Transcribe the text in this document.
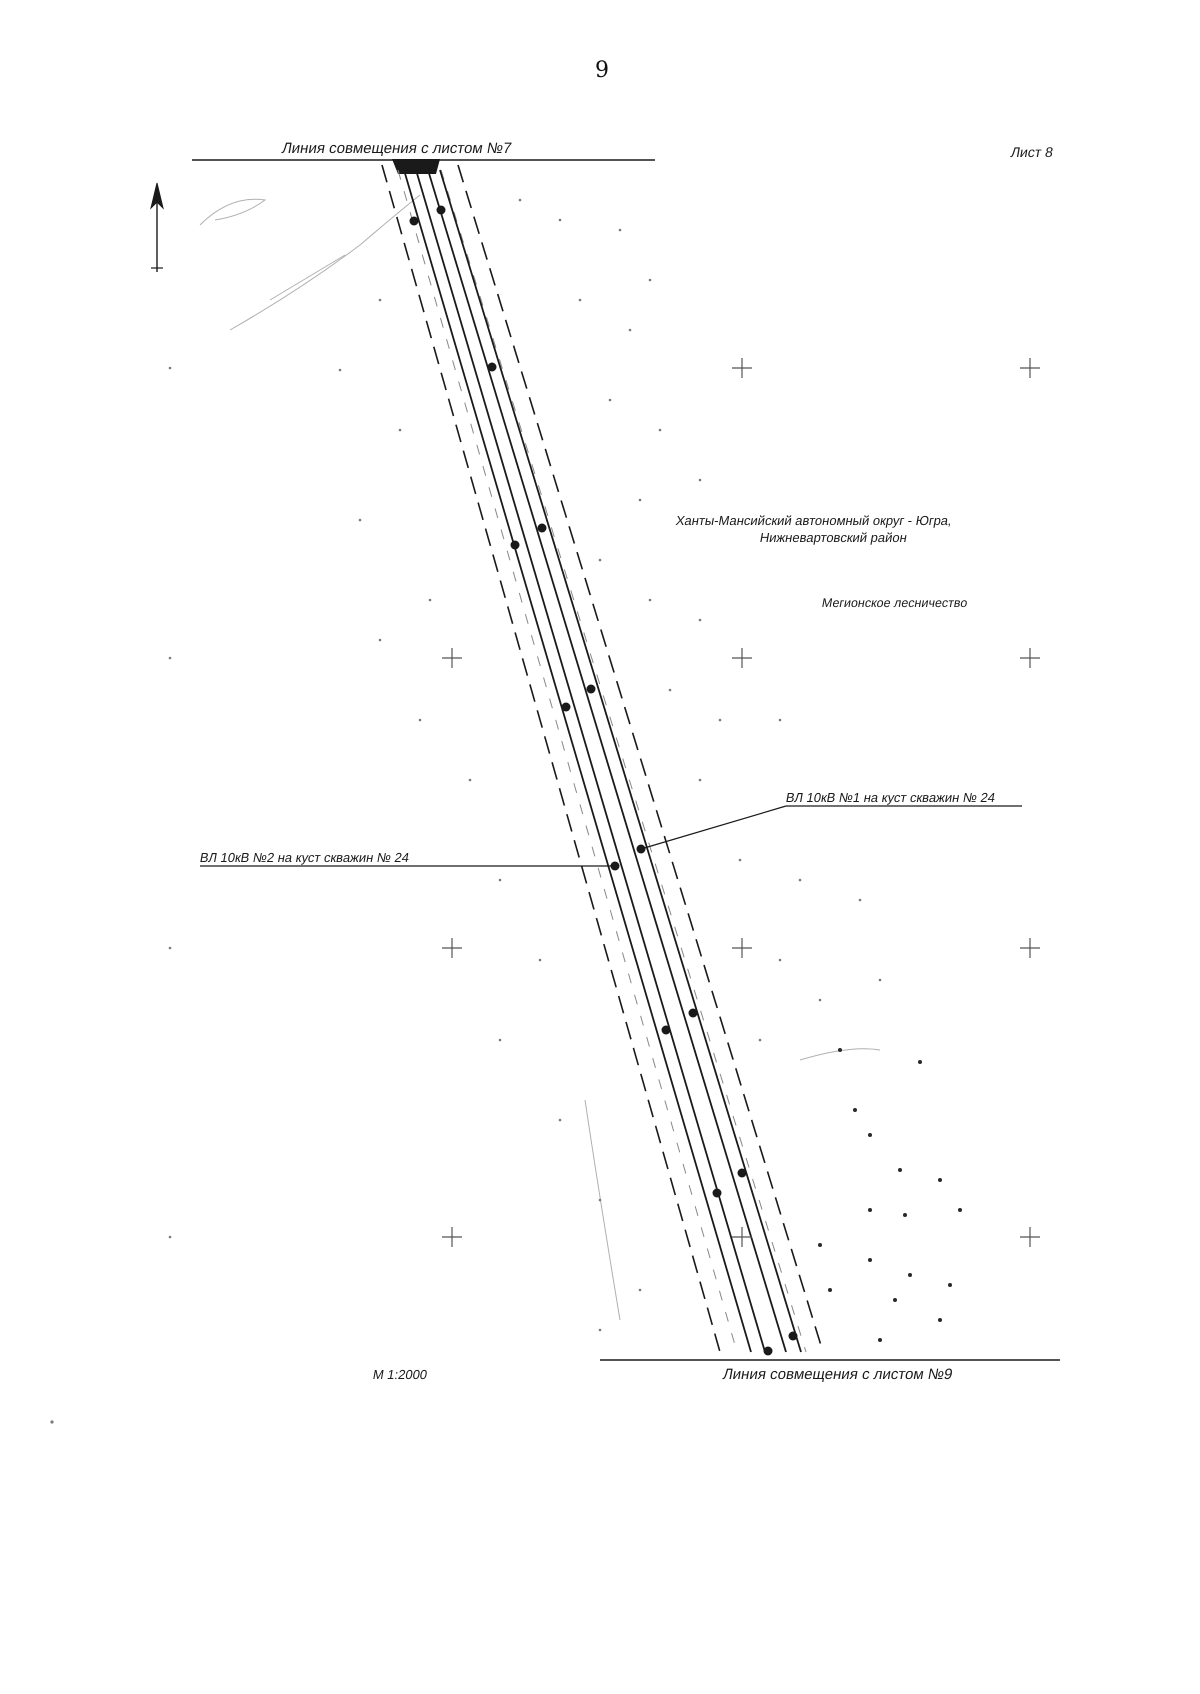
9
Линия совмещения с листом №7	Лист 8
Ханты-Мансийский автономный округ - Югра,
Нижневартовский район
Мегионское лесничество
ВЛ 10кВ №1 на куст скважин № 24
ВЛ 10кВ №2 на куст скважин № 24
М 1:2000	Линия совмещения с листом №9
